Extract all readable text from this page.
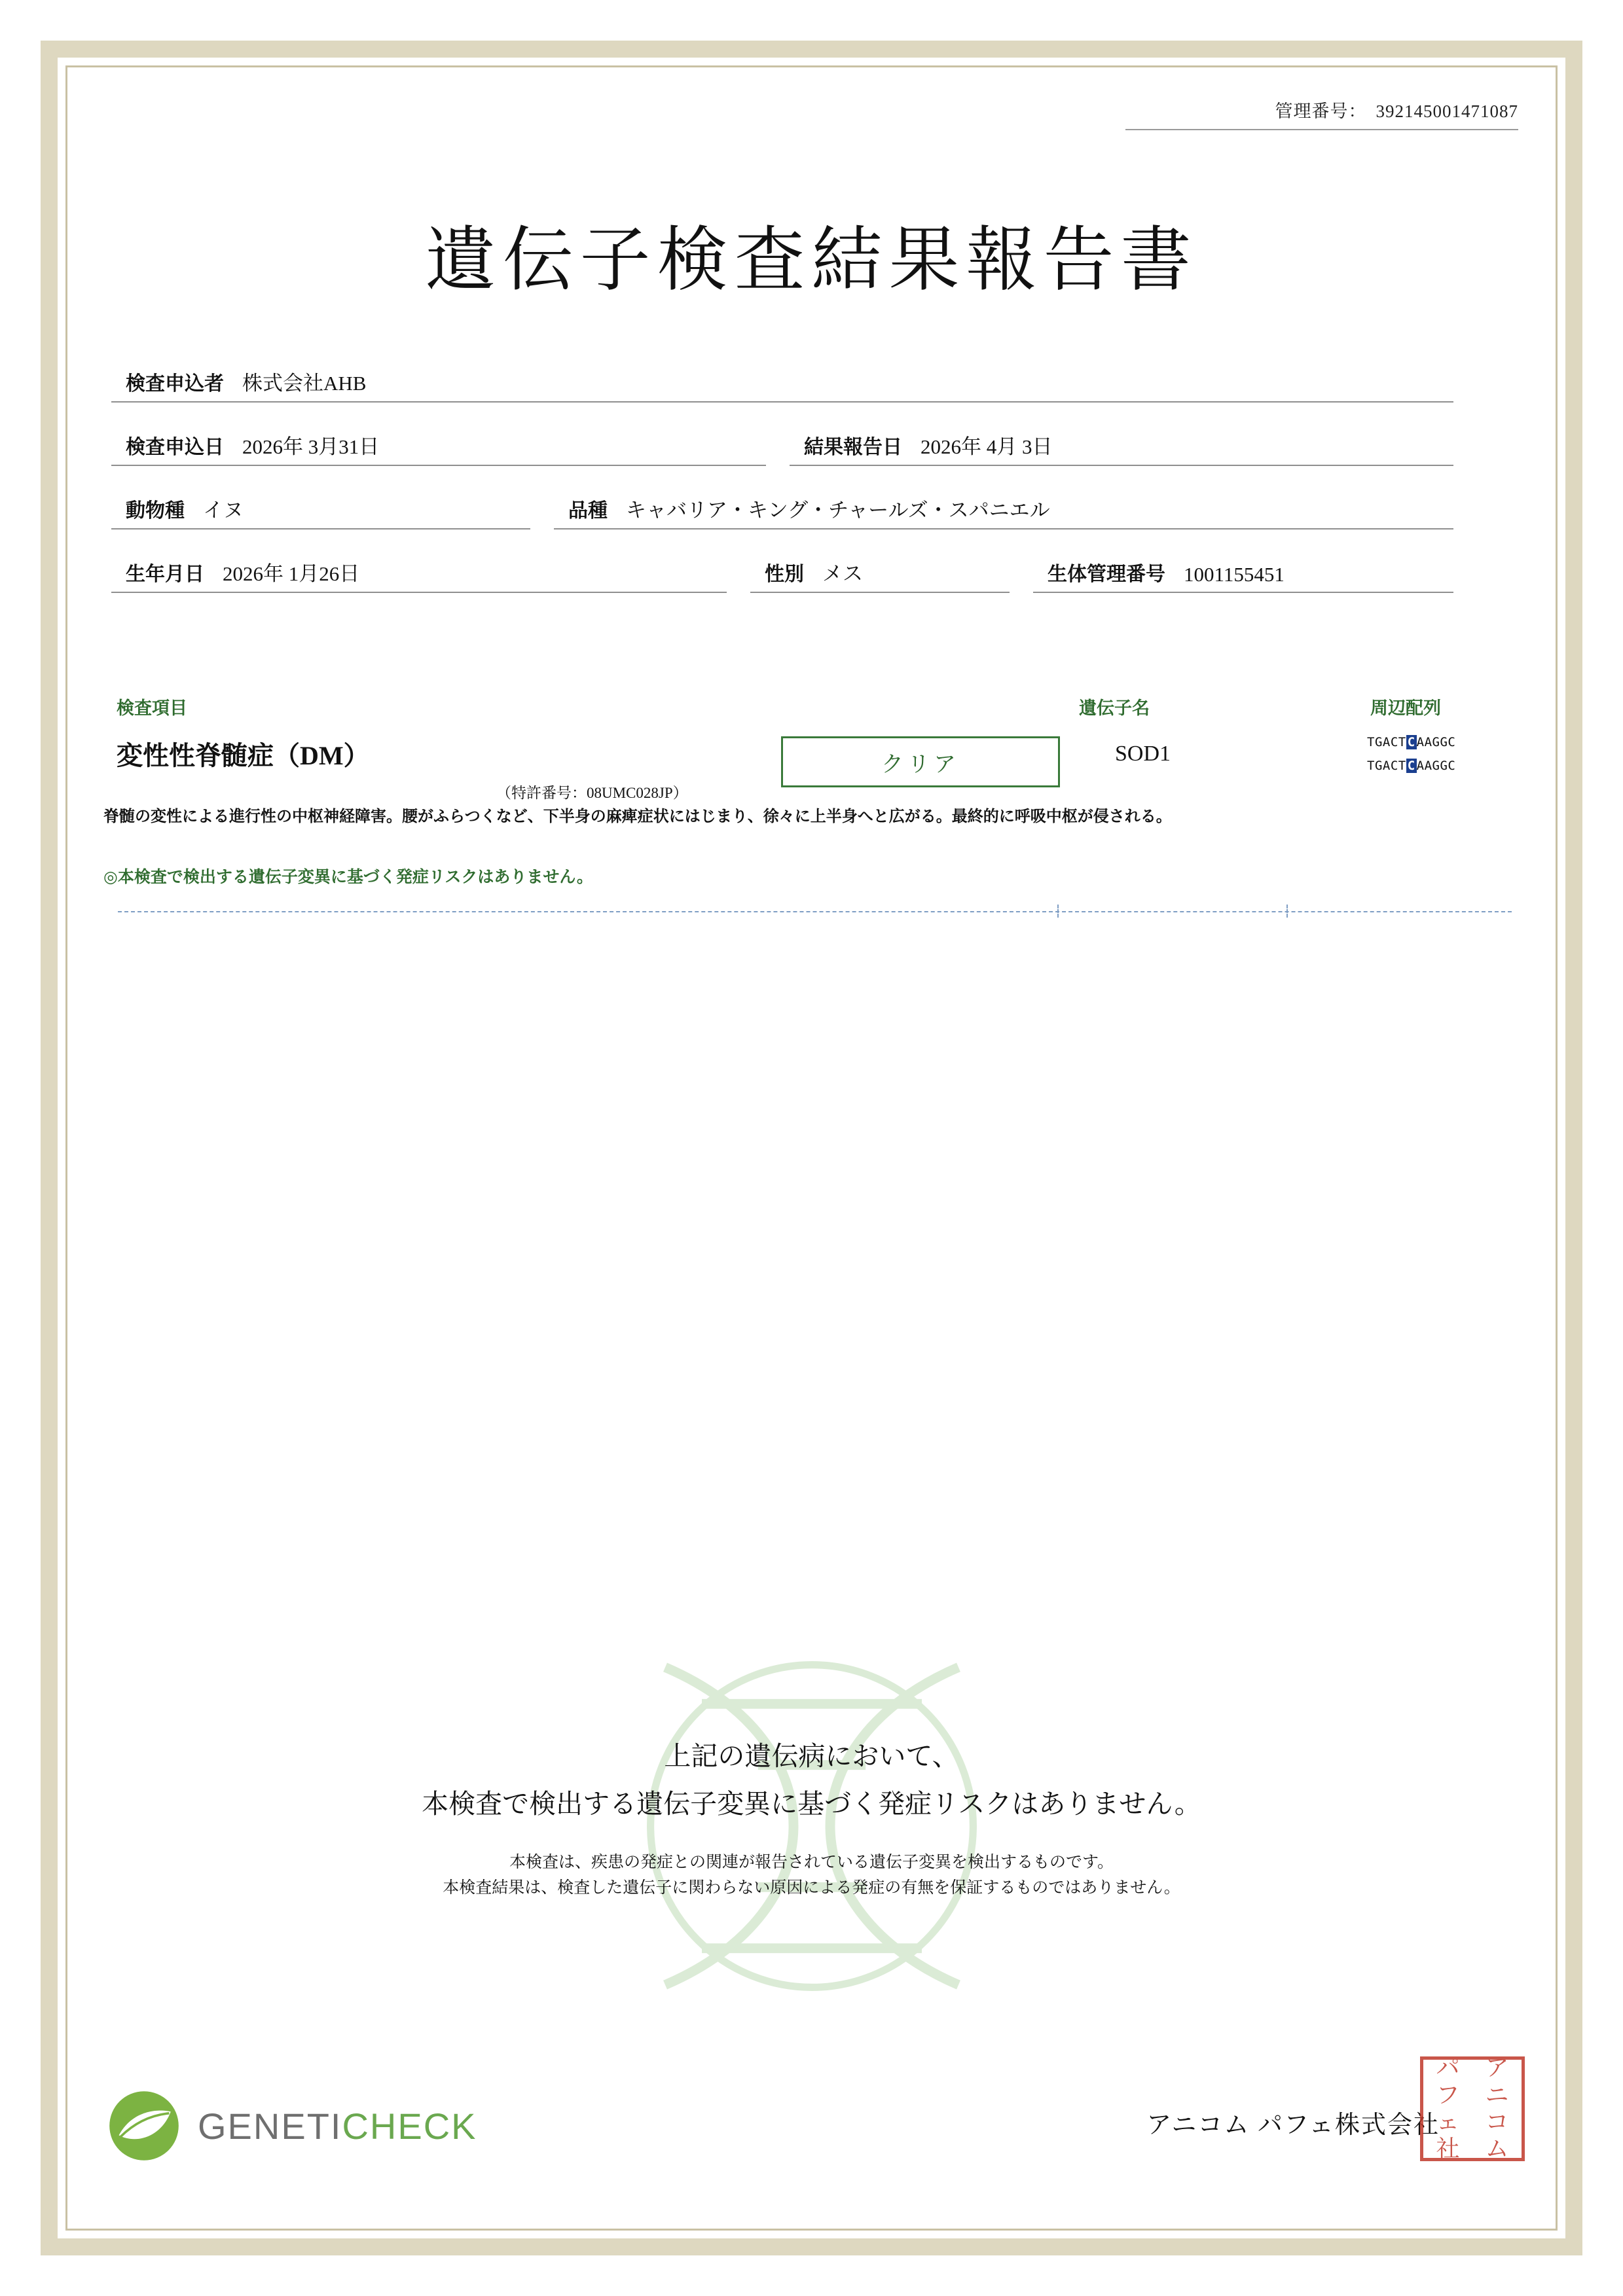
管理番号： 392145001471087
遺伝子検査結果報告書
検査申込者 株式会社AHB
検査申込日 2026年 3月31日	結果報告日 2026年 4月 3日
動物種 イヌ	品種 キャバリア・キング・チャールズ・スパニエル
生年月日 2026年 1月26日	性別 メス	生体管理番号 1001155451
検査項目	遺伝子名	周辺配列
変性性脊髄症（DM）
（特許番号：08UMC028JP）
クリア	SOD1	TGACT C AAGGC
TGACT C AAGGC
脊髄の変性による進行性の中枢神経障害。腰がふらつくなど、下半身の麻痺症状にはじまり、徐々に上半身へと広がる。最終的に呼吸中枢が侵される。
◎本検査で検出する遺伝子変異に基づく発症リスクはありません。
上記の遺伝病において、
本検査で検出する遺伝子変異に基づく発症リスクはありません。
本検査は、疾患の発症との関連が報告されている遺伝子変異を検出するものです。
本検査結果は、検査した遺伝子に関わらない原因による発症の有無を保証するものではありません。
GENETICHECK	アニコム パフェ株式会社
パ	ア
フ	ニ
ェ	コ
社	ム
